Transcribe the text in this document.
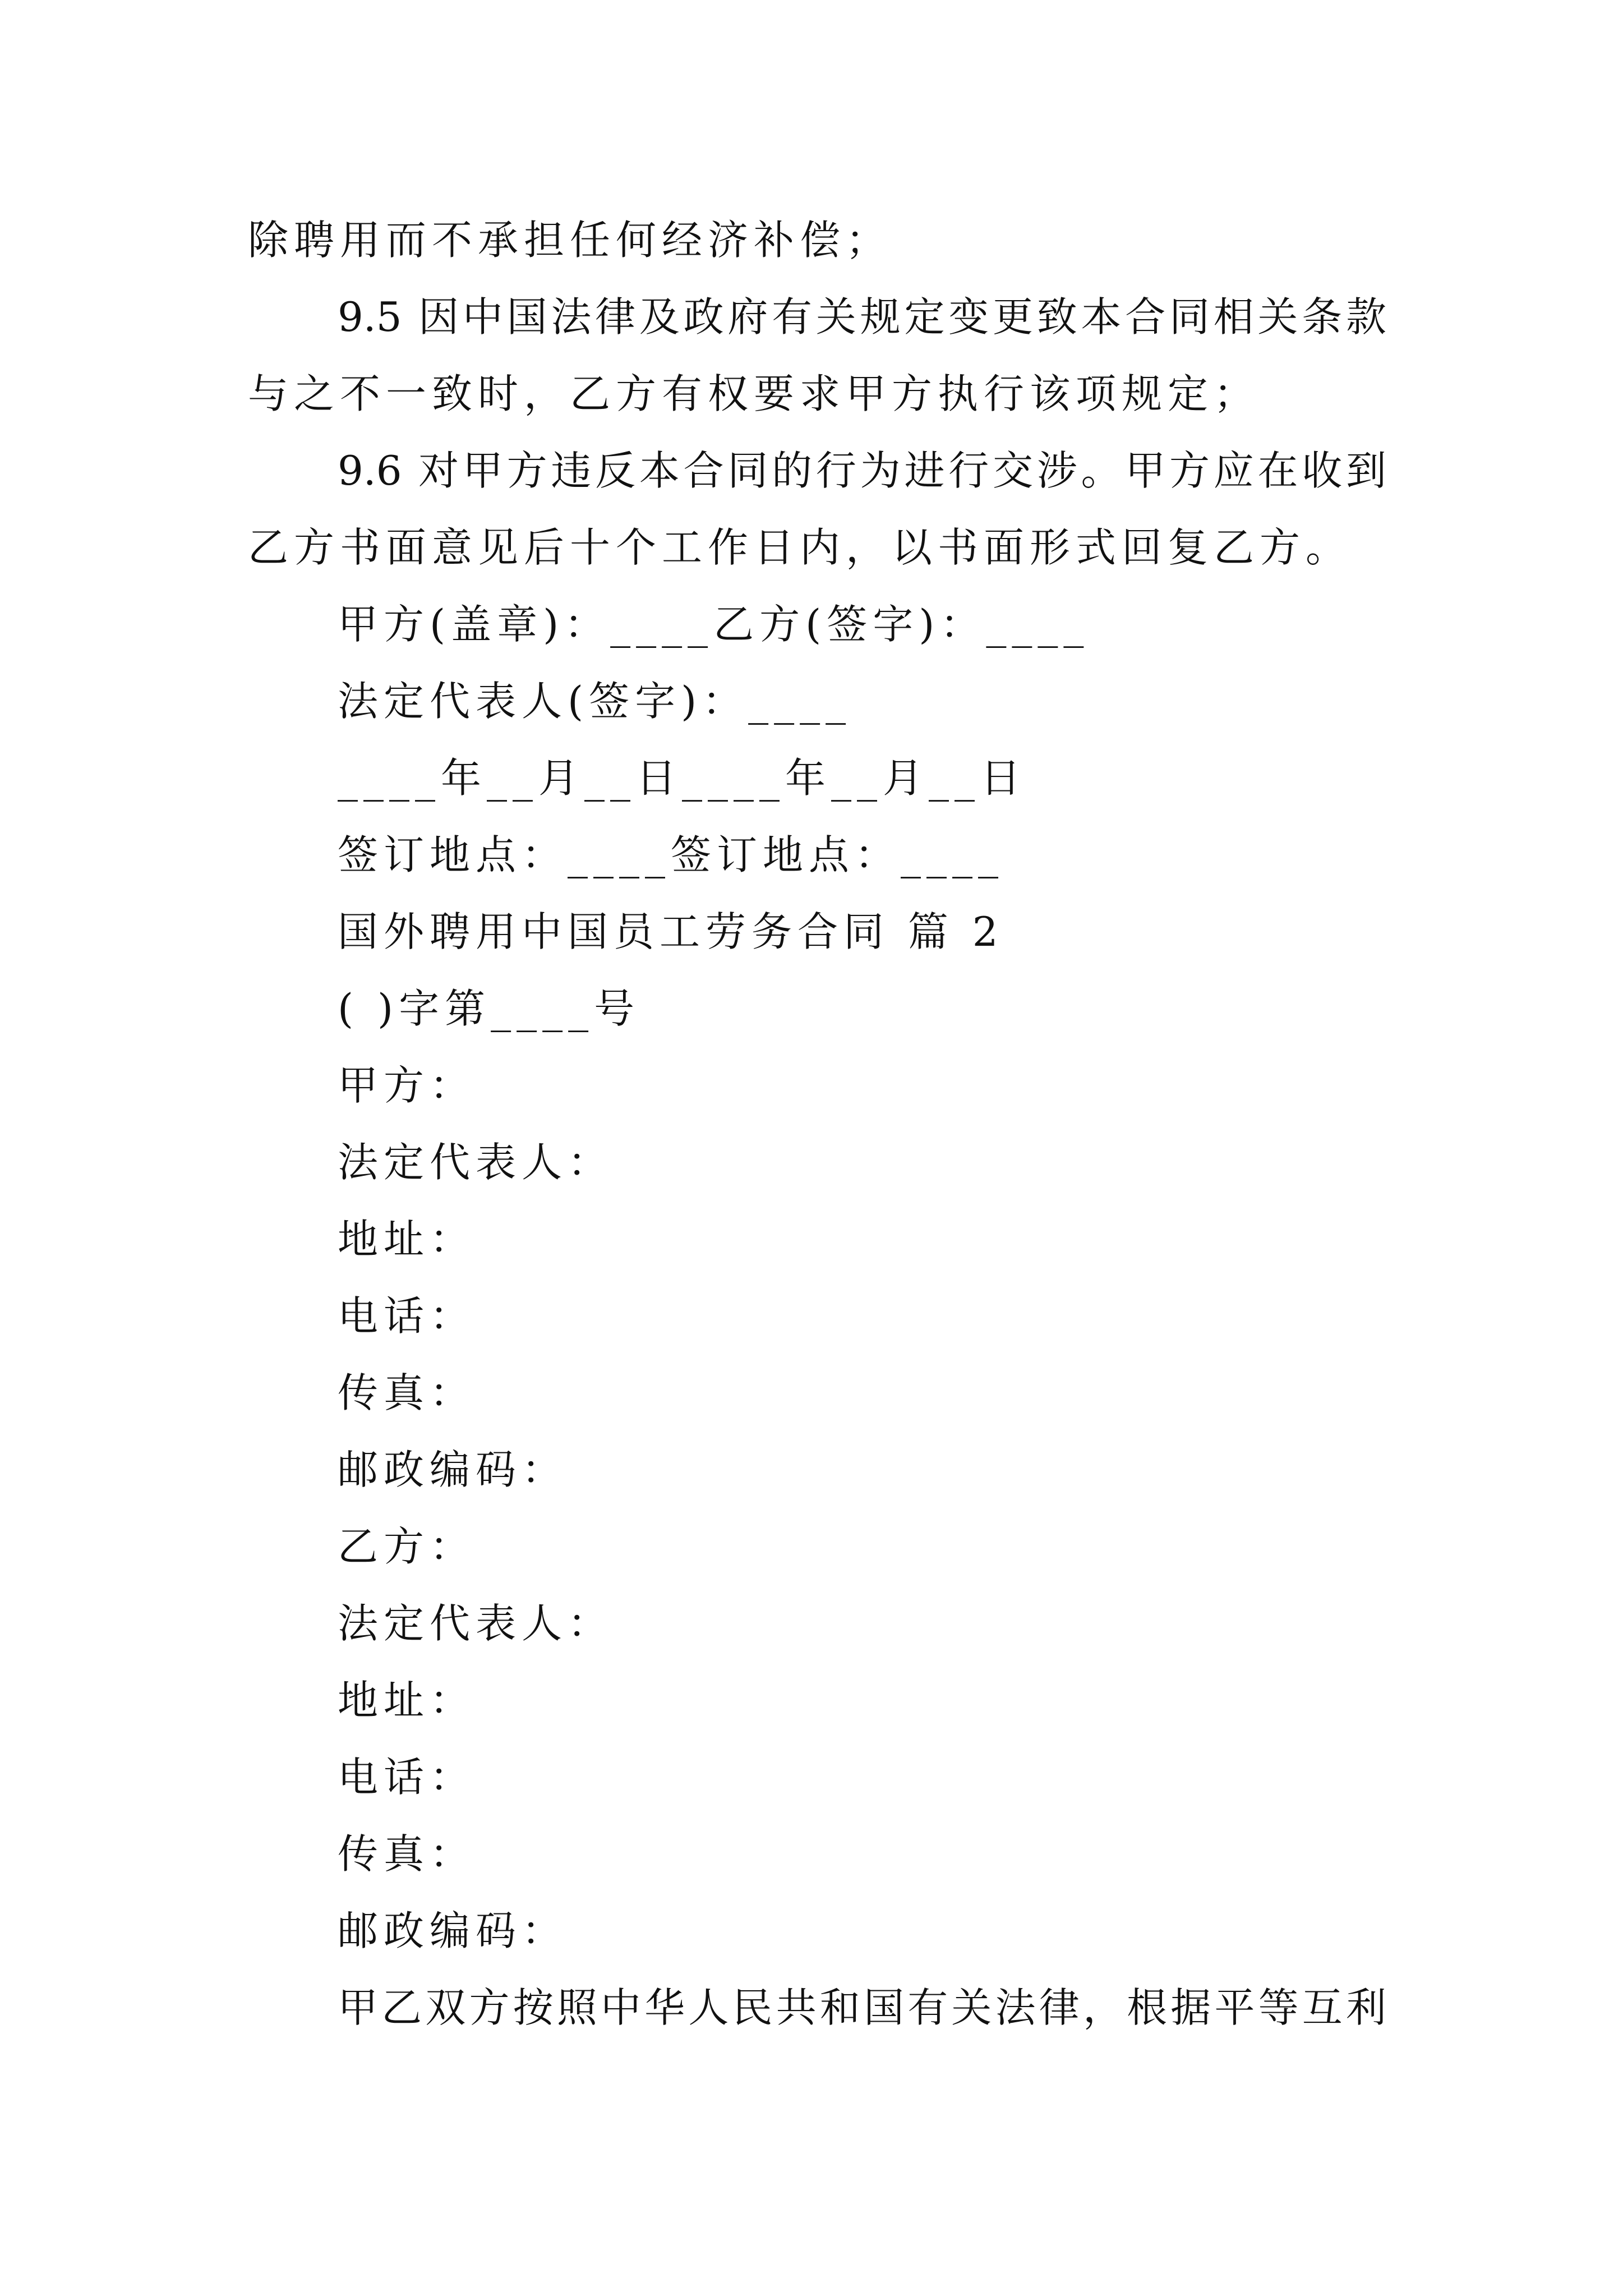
除聘用而不承担任何经济补偿；
9.5 因中国法律及政府有关规定变更致本合同相关条款
与之不一致时，乙方有权要求甲方执行该项规定；
9.6 对甲方违反本合同的行为进行交涉。甲方应在收到
乙方书面意见后十个工作日内，以书面形式回复乙方。
甲方(盖章)：____乙方(签字)：____
法定代表人(签字)：____
____年__月__日____年__月__日
签订地点：____签订地点：____
国外聘用中国员工劳务合同 篇 2
( )字第____号
甲方：
法定代表人：
地址：
电话：
传真：
邮政编码：
乙方：
法定代表人：
地址：
电话：
传真：
邮政编码：
甲乙双方按照中华人民共和国有关法律，根据平等互利
